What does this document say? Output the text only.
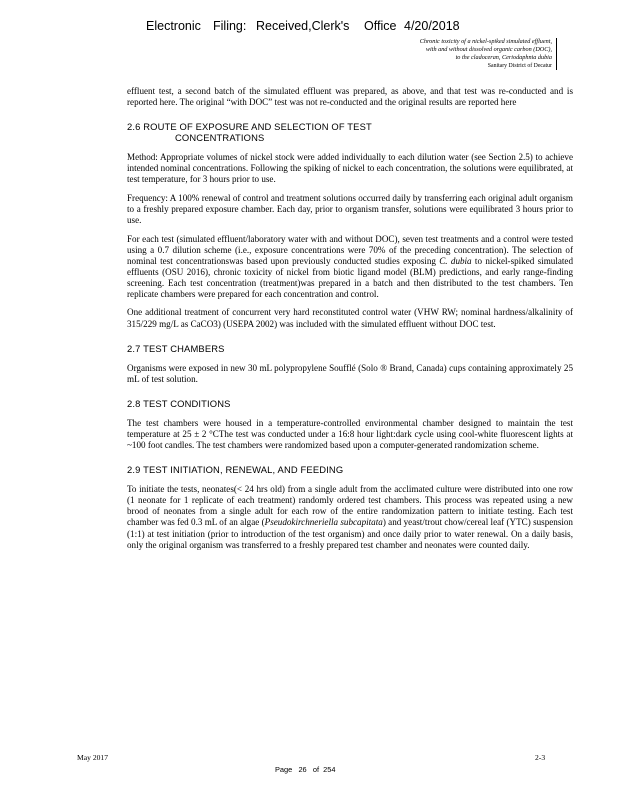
Electronic Filing: Received,Clerk's Office 4/20/2018
Chronic toxicity of a nickel-spiked simulated effluent,
with and without dissolved organic carbon (DOC),
to the cladoceran, Ceriodaphnia dubia
Sanitary District of Decatur

effluent test, a second batch of the simulated effluent was prepared, as above, and that test was re-conducted and is reported here. The original “with DOC” test was not re-conducted and the original results are reported here

2.6 ROUTE OF EXPOSURE AND SELECTION OF TEST
CONCENTRATIONS

Method: Appropriate volumes of nickel stock were added individually to each dilution water (see Section 2.5) to achieve intended nominal concentrations. Following the spiking of nickel to each concentration, the solutions were equilibrated, at test temperature, for 3 hours prior to use.

Frequency: A 100% renewal of control and treatment solutions occurred daily by transferring each original adult organism to a freshly prepared exposure chamber. Each day, prior to organism transfer, solutions were equilibrated 3 hours prior to use.

For each test (simulated effluent/laboratory water with and without DOC), seven test treatments and a control were tested using a 0.7 dilution scheme (i.e., exposure concentrations were 70% of the preceding concentration). The selection of nominal test concentrationswas based upon previously conducted studies exposing C. dubia to nickel-spiked simulated effluents (OSU 2016), chronic toxicity of nickel from biotic ligand model (BLM) predictions, and early range-finding screening. Each test concentration (treatment)was prepared in a batch and then distributed to the test chambers. Ten replicate chambers were prepared for each concentration and control.

One additional treatment of concurrent very hard reconstituted control water (VHW RW; nominal hardness/alkalinity of 315/229 mg/L as CaCO3) (USEPA 2002) was included with the simulated effluent without DOC test.

2.7 TEST CHAMBERS

Organisms were exposed in new 30 mL polypropylene Soufflé (Solo ® Brand, Canada) cups containing approximately 25 mL of test solution.

2.8 TEST CONDITIONS

The test chambers were housed in a temperature-controlled environmental chamber designed to maintain the test temperature at 25 ± 2 °CThe test was conducted under a 16:8 hour light:dark cycle using cool-white fluorescent lights at ~100 foot candles. The test chambers were randomized based upon a computer-generated randomization scheme.

2.9 TEST INITIATION, RENEWAL, AND FEEDING

To initiate the tests, neonates(< 24 hrs old) from a single adult from the acclimated culture were distributed into one row (1 neonate for 1 replicate of each treatment) randomly ordered test chambers. This process was repeated using a new brood of neonates from a single adult for each row of the entire randomization pattern to initiate testing. Each test chamber was fed 0.3 mL of an algae (Pseudokirchneriella subcapitata) and yeast/trout chow/cereal leaf (YTC) suspension (1:1) at test initiation (prior to introduction of the test organism) and once daily prior to water renewal. On a daily basis, only the original organism was transferred to a freshly prepared test chamber and neonates were counted daily.

May 2017	2-3
Page 26 of 254
